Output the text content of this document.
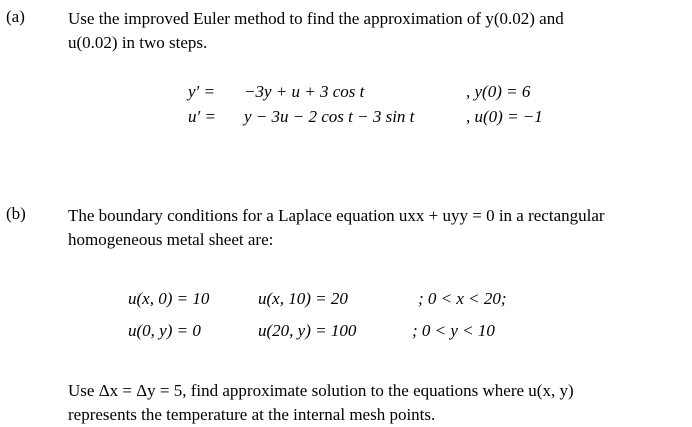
(a)	Use the improved Euler method to find the approximation of y(0.02) and
u(0.02) in two steps.
y′ = −3y + u + 3 cos t	, y(0) = 6
u′ = y − 3u − 2 cos t − 3 sin t	, u(0) = −1
(b) The boundary conditions for a Laplace equation uxx + uyy = 0 in a rectangular
homogeneous metal sheet are:
u(x, 0) = 10	u(x, 10) = 20	; 0 < x < 20;
u(0, y) = 0	u(20, y) = 100	; 0 < y < 10
Use Δx = Δy = 5, find approximate solution to the equations where u(x, y)
represents the temperature at the internal mesh points.
